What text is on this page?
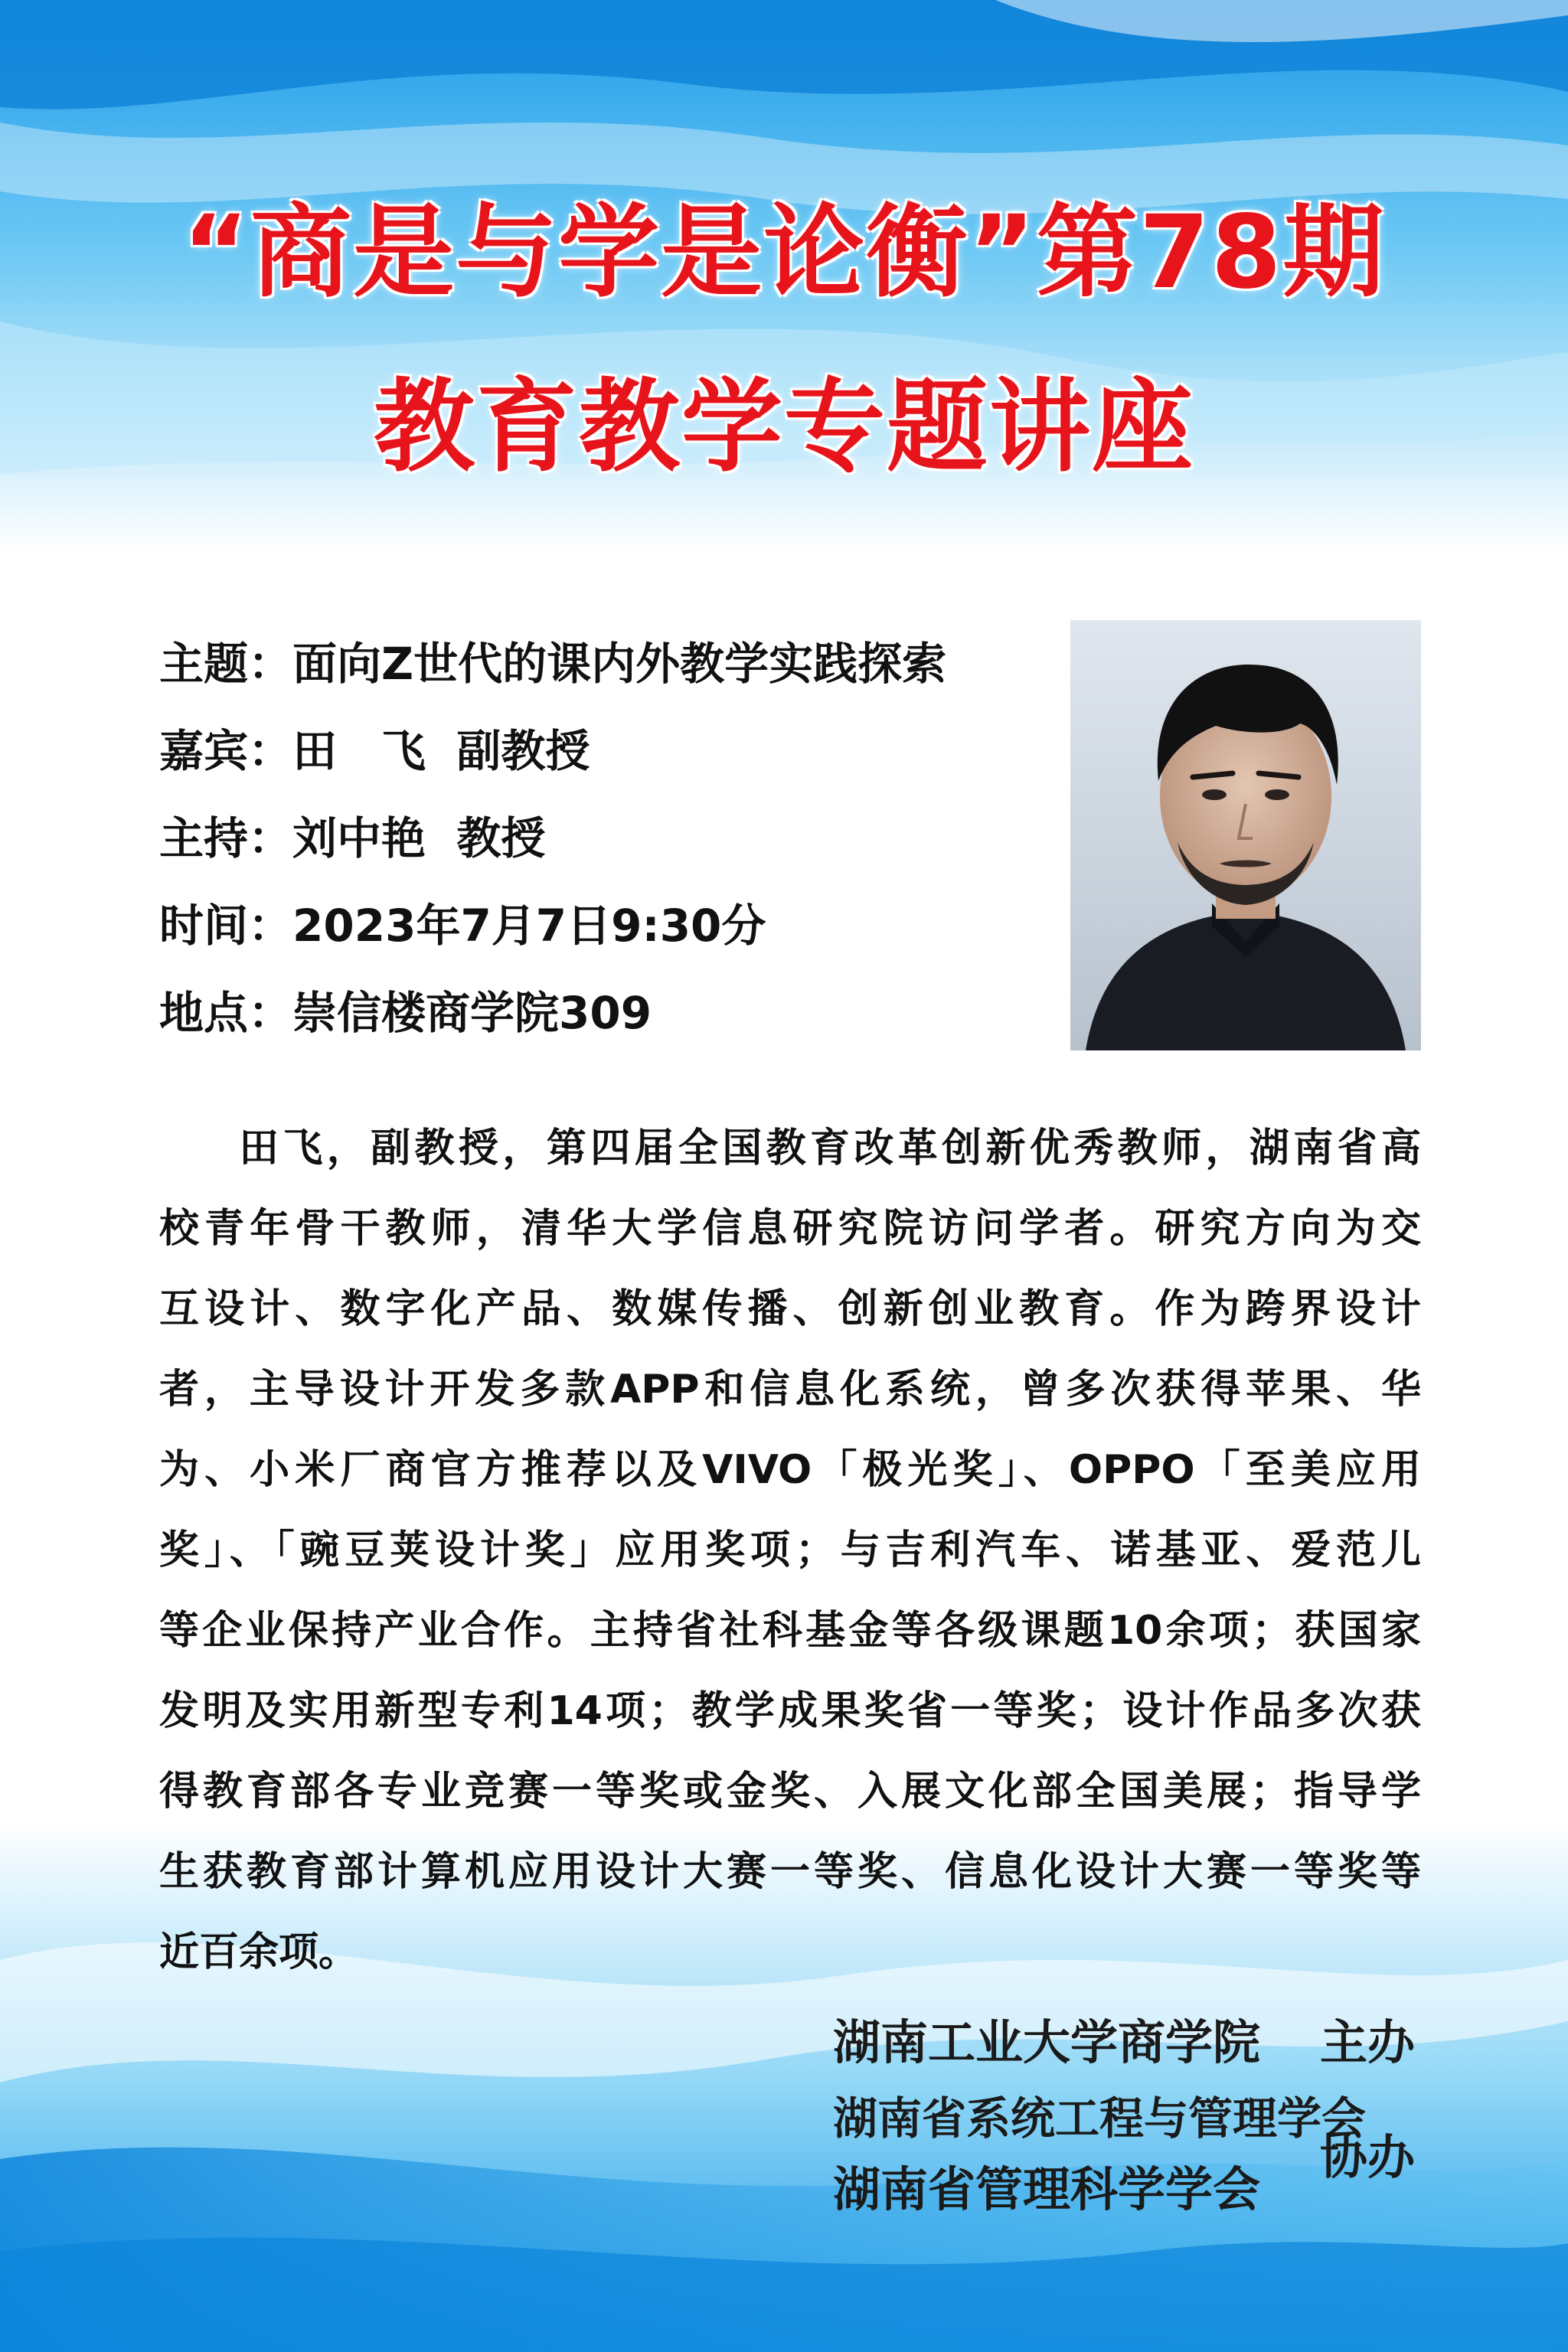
“商是与学是论衡”第78期
教育教学专题讲座
主题：面向Z世代的课内外教学实践探索
嘉宾：田　飞  副教授
主持：刘中艳  教授
时间：2023年7月7日9:30分
地点：崇信楼商学院309
田飞，副教授，第四届全国教育改革创新优秀教师，湖南省高
校青年骨干教师，清华大学信息研究院访问学者。研究方向为交
互设计、数字化产品、数媒传播、创新创业教育。作为跨界设计
者，主导设计开发多款APP和信息化系统，曾多次获得苹果、华
为、小米厂商官方推荐以及VIVO「极光奖」、OPPO「至美应用
奖」、「豌豆荚设计奖」应用奖项；与吉利汽车、诺基亚、爱范儿
等企业保持产业合作。主持省社科基金等各级课题10余项；获国家
发明及实用新型专利14项；教学成果奖省一等奖；设计作品多次获
得教育部各专业竞赛一等奖或金奖、入展文化部全国美展；指导学
生获教育部计算机应用设计大赛一等奖、信息化设计大赛一等奖等
近百余项。
湖南工业大学商学院 主办
湖南省系统工程与管理学会
湖南省管理科学学会
协办
